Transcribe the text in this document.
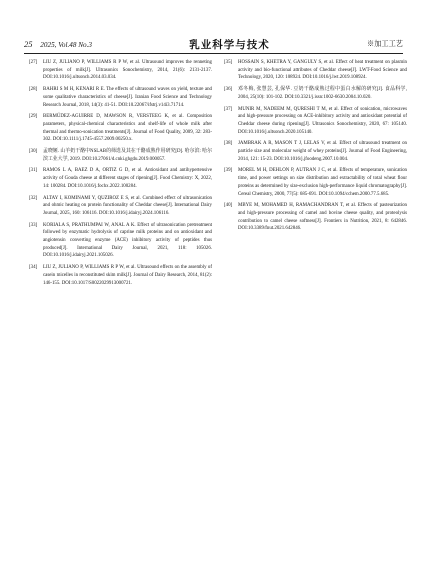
25 2025, Vol.48 No.3	乳业科学与技术	※加工工艺
[27] LIU Z, JULIANO P, WILLIAMS R P W, et al. Ultrasound improves the renneting properties of milk[J]. Ultrasonics Sonochemistry, 2014, 21(6): 2131-2137. DOI:10.1016/j.ultsonch.2014.03.034.
[28] BAHRI S M H, KENARI R E. The effects of ultrasound waves on yield, texture and some qualitative characteristics of cheese[J]. Iranian Food Science and Technology Research Journal, 2018, 14(3): 41-51. DOI:10.22067/ifstrj.v14i3.71714.
[29] BERMÚDEZ-AGUIRRE D, MAWSON R, VERSTEEG K, et al. Composition parameters, physical-chemical characteristics and shelf-life of whole milk after thermal and thermo-sonication treatments[J]. Journal of Food Quality, 2009, 32: 283-302. DOI:10.1111/j.1745-4557.2009.00250.x.
[30] 孟晓姬. 山羊奶干酪中NSLAB的筛选及其在干酪成熟作用研究[D]. 哈尔滨: 哈尔滨工业大学, 2019. DOI:10.27061/d.cnki.ghgdu.2019.000057.
[31] RAMOS L A, BAEZ D A, ORTIZ G D, et al. Antioxidant and antihypertensive activity of Gouda cheese at different stages of ripening[J]. Food Chemistry: X, 2022, 14: 100284. DOI:10.1016/j.fochx.2022.100284.
[32] ALTAY I, KOMINAMI Y, QUZIROZ E S, et al. Combined effect of ultrasonication and ohmic heating on protein functionality of Cheddar cheese[J]. International Dairy Journal, 2025, 160: 106116. DOI:10.1016/j.idairyj.2024.106116.
[33] KORIALA S, PRATHUMPAI W, ANAL A K. Effect of ultrasonication pretreatment followed by enzymatic hydrolysis of caprine milk proteins and on antioxidant and angiotensin converting enzyme (ACE) inhibitory activity of peptides thus produced[J]. International Dairy Journal, 2021, 118: 105026. DOI:10.1016/j.idairyj.2021.105026.
[34] LIU Z, JULIANO P, WILLIAMS R P W, et al. Ultrasound effects on the assembly of casein micelles in reconstituted skim milk[J]. Journal of Dairy Research, 2014, 81(2): 146-155. DOI:10.1017/S0022029913000721.
[35] HOSSAIN S, KHETRA Y, GANGULY S, et al. Effect of heat treatment on plasmin activity and bio-functional attributes of Cheddar cheese[J]. LWT-Food Science and Technology, 2020, 120: 108924. DOI:10.1016/j.lwt.2019.108924.
[36] 邓冬梅, 张慧芸, 孔保华. 豆奶干酪成熟过程中蛋白水解的研究[J]. 食品科学, 2004, 25(10): 101-102. DOI:10.3321/j.issn:1002-6630.2004.10.020.
[37] MUNIR M, NADEEM M, QURESHI T M, et al. Effect of sonication, microwaves and high-pressure processing on ACE-inhibitory activity and antioxidant potential of Cheddar cheese during ripening[J]. Ultrasonics Sonochemistry, 2020, 67: 105140. DOI:10.1016/j.ultsonch.2020.105140.
[38] JAMBRAK A R, MASON T J, LELAS V, et al. Effect of ultrasound treatment on particle size and molecular weight of whey proteins[J]. Journal of Food Engineering, 2014, 121: 15-23. DOI:10.1016/j.jfoodeng.2007.10.004.
[39] MOREL M H, DEHLON P, AUTRAN J C, et al. Effects of temperature, sonication time, and power settings on size distribution and extractability of total wheat flour proteins as determined by size-exclusion high-performance liquid chromatography[J]. Cereal Chemistry, 2000, 77(5): 685-691. DOI:10.1094/cchem.2000.77.5.685.
[40] MBYE M, MOHAMED H, RAMACHANDRAN T, et al. Effects of pasteurization and high-pressure processing of camel and bovine cheese quality, and proteolysis contribution to camel cheese softness[J]. Frontiers in Nutrition, 2021, 8: 642846. DOI:10.3389/fnut.2021.642846.
